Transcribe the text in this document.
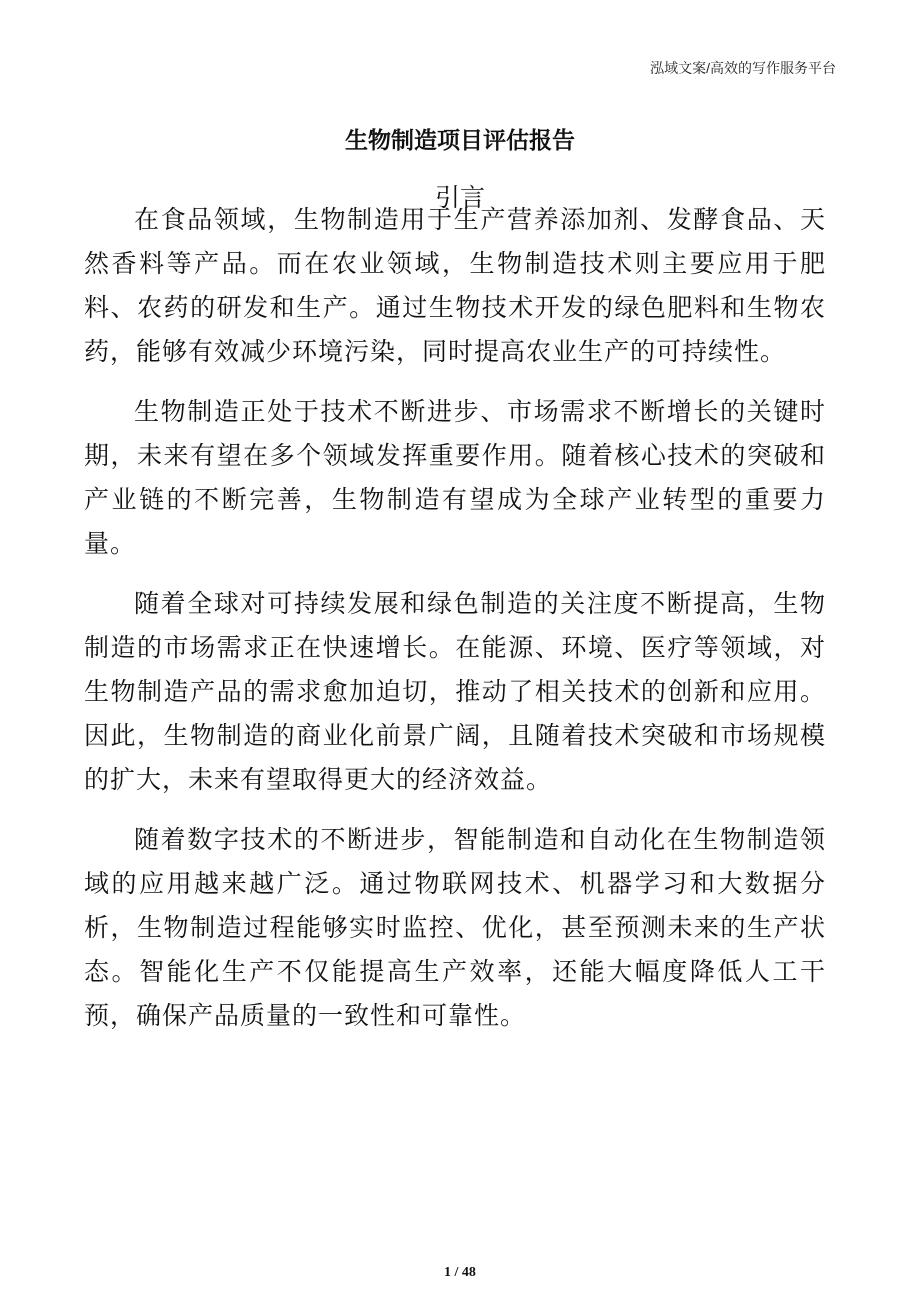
泓域文案/高效的写作服务平台
生物制造项目评估报告
引言

在食品领域，生物制造用于生产营养添加剂、发酵食品、天然香料等产品。而在农业领域，生物制造技术则主要应用于肥料、农药的研发和生产。通过生物技术开发的绿色肥料和生物农药，能够有效减少环境污染，同时提高农业生产的可持续性。

生物制造正处于技术不断进步、市场需求不断增长的关键时期，未来有望在多个领域发挥重要作用。随着核心技术的突破和产业链的不断完善，生物制造有望成为全球产业转型的重要力量。

随着全球对可持续发展和绿色制造的关注度不断提高，生物制造的市场需求正在快速增长。在能源、环境、医疗等领域，对生物制造产品的需求愈加迫切，推动了相关技术的创新和应用。因此，生物制造的商业化前景广阔，且随着技术突破和市场规模的扩大，未来有望取得更大的经济效益。

随着数字技术的不断进步，智能制造和自动化在生物制造领域的应用越来越广泛。通过物联网技术、机器学习和大数据分析，生物制造过程能够实时监控、优化，甚至预测未来的生产状态。智能化生产不仅能提高生产效率，还能大幅度降低人工干预，确保产品质量的一致性和可靠性。

1 / 48
